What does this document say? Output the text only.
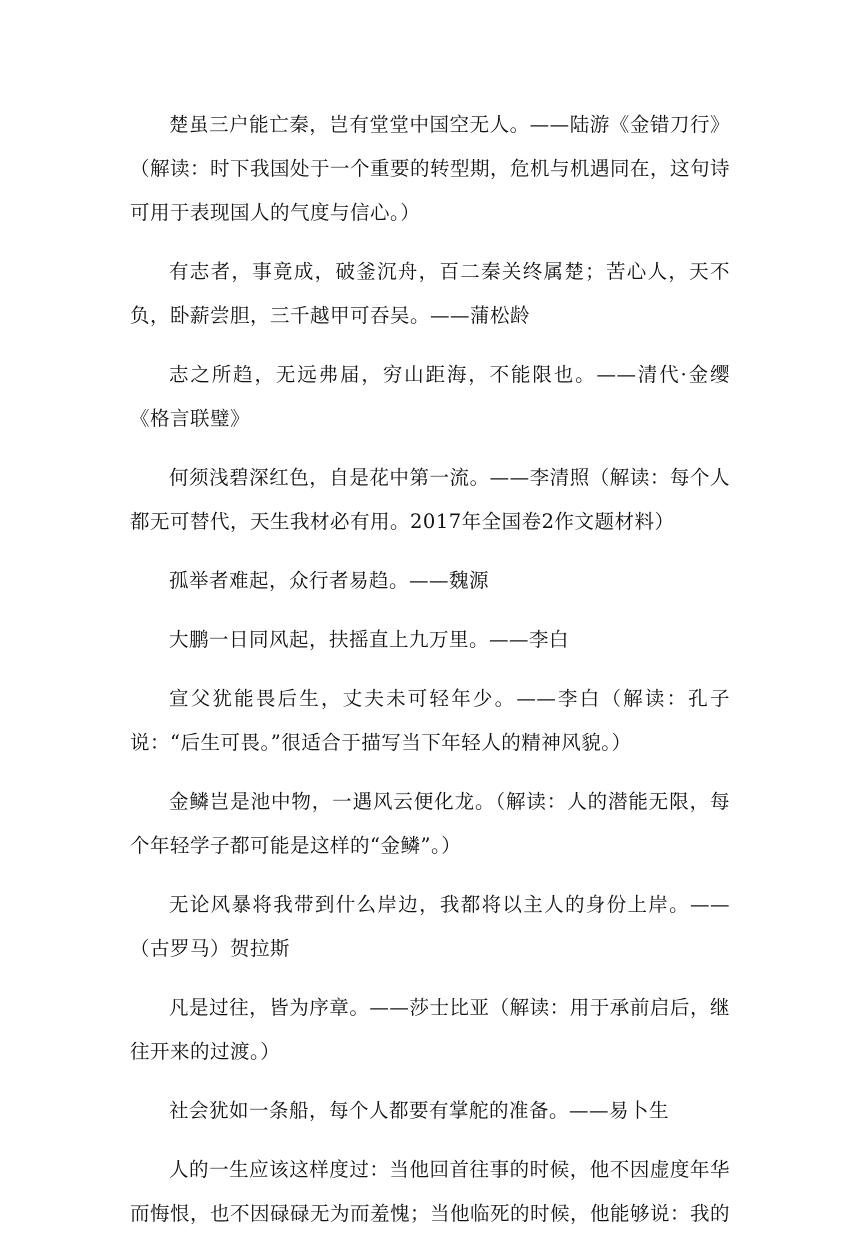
楚虽三户能亡秦，岂有堂堂中国空无人。——陆游《金错刀行》（解读：时下我国处于一个重要的转型期，危机与机遇同在，这句诗可用于表现国人的气度与信心。）

有志者，事竟成，破釜沉舟，百二秦关终属楚；苦心人，天不负，卧薪尝胆，三千越甲可吞吴。——蒲松龄

志之所趋，无远弗届，穷山距海，不能限也。——清代·金缨《格言联璧》

何须浅碧深红色，自是花中第一流。——李清照（解读：每个人都无可替代，天生我材必有用。2017年全国卷2作文题材料）

孤举者难起，众行者易趋。——魏源

大鹏一日同风起，扶摇直上九万里。——李白

宣父犹能畏后生，丈夫未可轻年少。——李白（解读：孔子说：“后生可畏。”很适合于描写当下年轻人的精神风貌。）

金鳞岂是池中物，一遇风云便化龙。（解读：人的潜能无限，每个年轻学子都可能是这样的“金鳞”。）

无论风暴将我带到什么岸边，我都将以主人的身份上岸。——（古罗马）贺拉斯

凡是过往，皆为序章。——莎士比亚（解读：用于承前启后，继往开来的过渡。）

社会犹如一条船，每个人都要有掌舵的准备。——易卜生

人的一生应该这样度过：当他回首往事的时候，他不因虚度年华而悔恨，也不因碌碌无为而羞愧；当他临死的时候，他能够说：我的
